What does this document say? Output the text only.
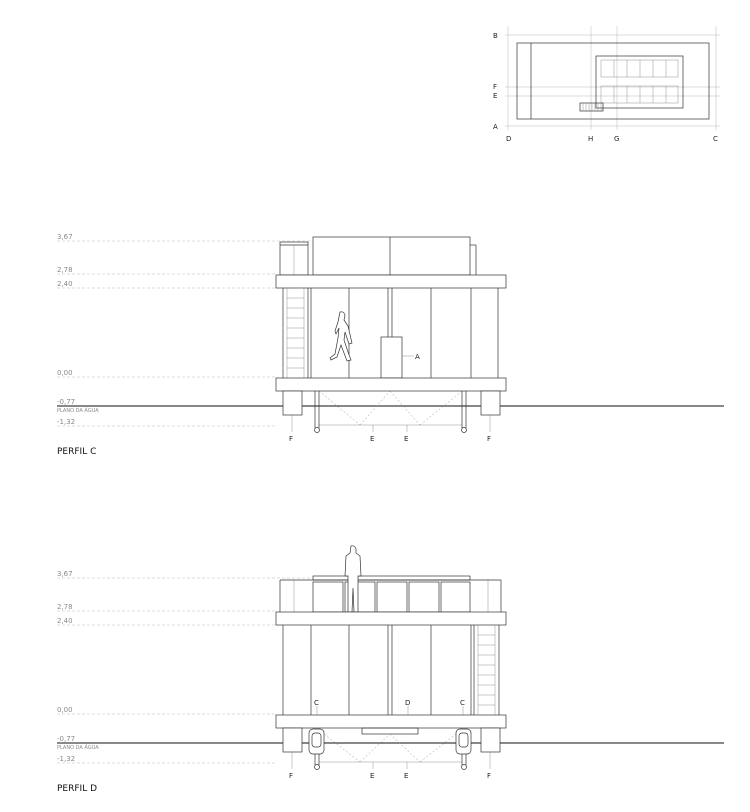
B
F
E
A
D	H	G	C
3,67
2,78
2,40
0,00
-0,77
PLANO DA ÁGUA
-1,32
A
F	E	E	F
PERFIL C
3,67
2,78
2,40
0,00
-0,77
PLANO DA ÁGUA
-1,32
C	D	C
F	E	E	F
PERFIL D
